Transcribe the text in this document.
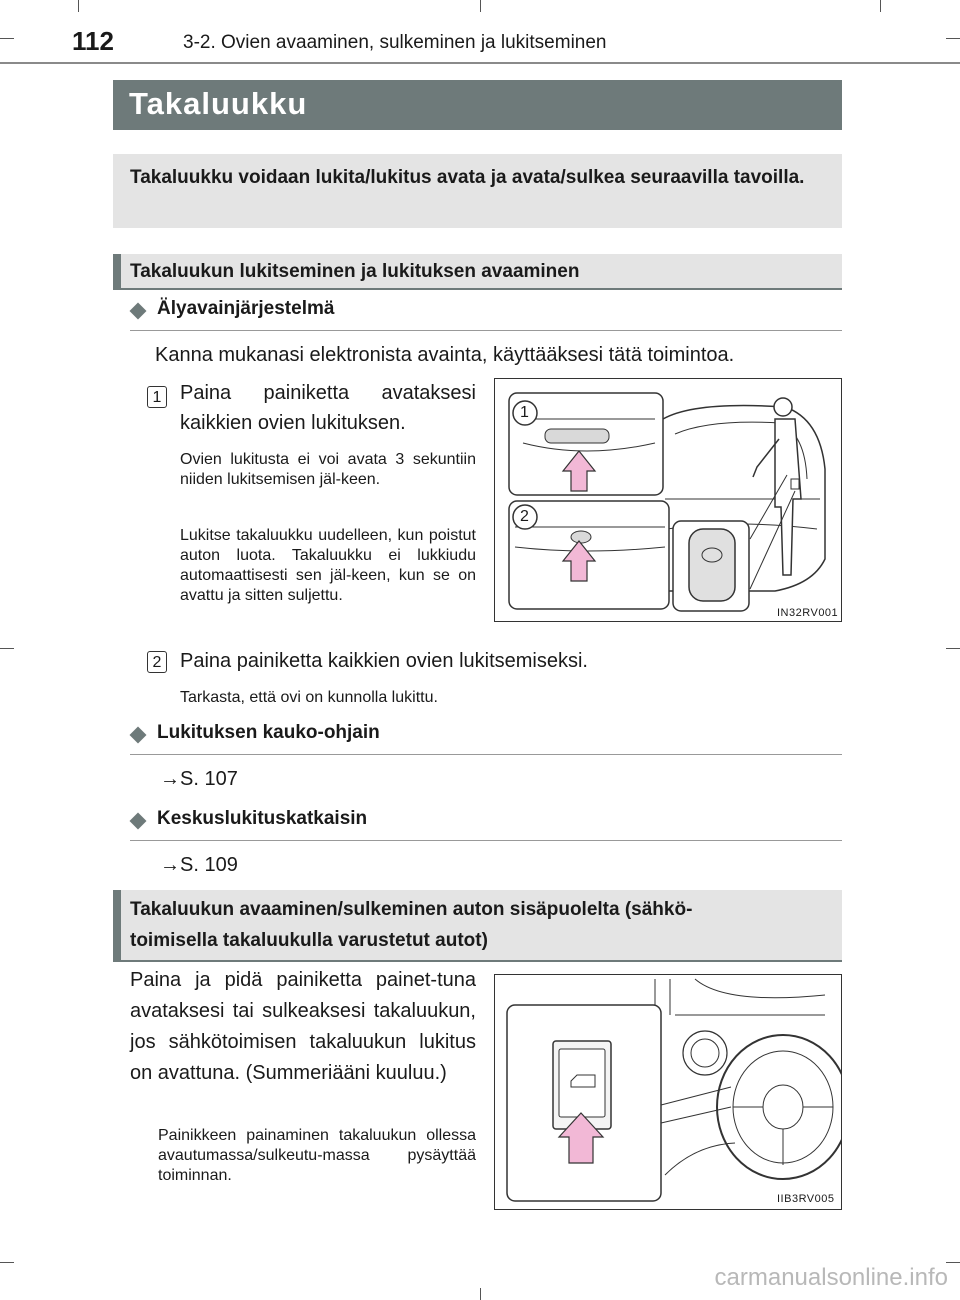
112	3-2. Ovien avaaminen, sulkeminen ja lukitseminen
Takaluukku
Takaluukku voidaan lukita/lukitus avata ja avata/sulkea seuraavilla tavoilla.
Takaluukun lukitseminen ja lukituksen avaaminen
Älyavainjärjestelmä
Kanna mukanasi elektronista avainta, käyttääksesi tätä toimintoa.
1 Paina painiketta avataksesi kaikkien ovien lukituksen.
Ovien lukitusta ei voi avata 3 sekuntiin niiden lukitsemisen jäl-keen.
Lukitse takaluukku uudelleen, kun poistut auton luota. Takaluukku ei lukkiudu automaattisesti sen jäl-keen, kun se on avattu ja sitten suljettu.
1
2
IN32RV001
2 Paina painiketta kaikkien ovien lukitsemiseksi.
Tarkasta, että ovi on kunnolla lukittu.
Lukituksen kauko-ohjain
→S. 107
Keskuslukituskatkaisin
→S. 109
Takaluukun avaaminen/sulkeminen auton sisäpuolelta (sähkö-
toimisella takaluukulla varustetut autot)
Paina ja pidä painiketta painet-tuna avataksesi tai sulkeaksesi takaluukun, jos sähkötoimisen takaluukun lukitus on avattuna. (Summeriääni kuuluu.)
Painikkeen painaminen takaluukun ollessa avautumassa/sulkeutu-massa pysäyttää toiminnan.
IIB3RV005
carmanualsonline.info
